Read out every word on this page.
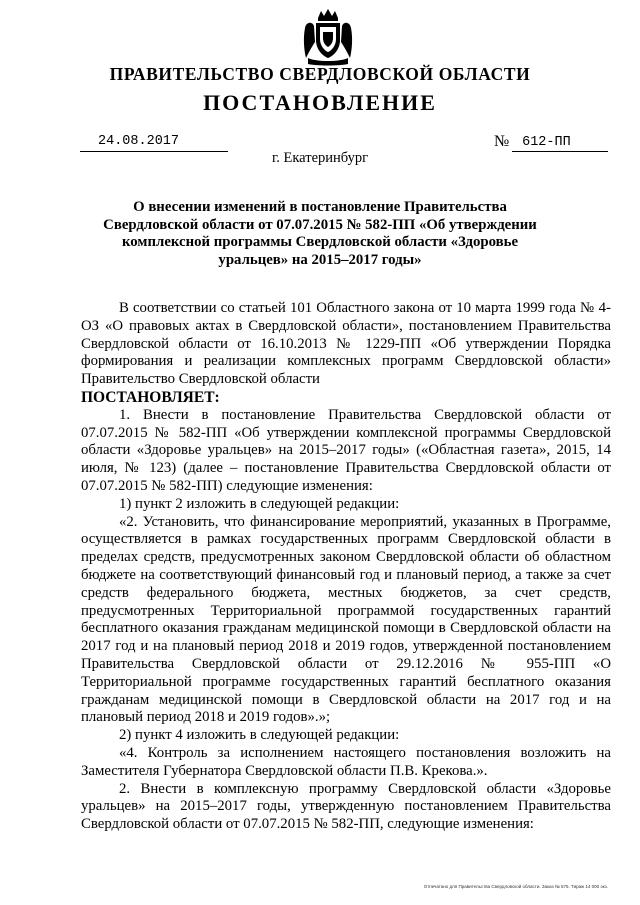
ПРАВИТЕЛЬСТВО СВЕРДЛОВСКОЙ ОБЛАСТИ
ПОСТАНОВЛЕНИЕ
24.08.2017	№ 612-ПП
г. Екатеринбург
О внесении изменений в постановление Правительства Свердловской области от 07.07.2015 № 582-ПП «Об утверждении комплексной программы Свердловской области «Здоровье уральцев» на 2015–2017 годы»

В соответствии со статьей 101 Областного закона от 10 марта 1999 года № 4-ОЗ «О правовых актах в Свердловской области», постановлением Правительства Свердловской области от 16.10.2013 № 1229-ПП «Об утверждении Порядка формирования и реализации комплексных программ Свердловской области» Правительство Свердловской области

ПОСТАНОВЛЯЕТ:

1. Внести в постановление Правительства Свердловской области от 07.07.2015 № 582-ПП «Об утверждении комплексной программы Свердловской области «Здоровье уральцев» на 2015–2017 годы» («Областная газета», 2015, 14 июля, № 123) (далее – постановление Правительства Свердловской области от 07.07.2015 № 582-ПП) следующие изменения:

1) пункт 2 изложить в следующей редакции:

«2. Установить, что финансирование мероприятий, указанных в Программе, осуществляется в рамках государственных программ Свердловской области в пределах средств, предусмотренных законом Свердловской области об областном бюджете на соответствующий финансовый год и плановый период, а также за счет средств федерального бюджета, местных бюджетов, за счет средств, предусмотренных Территориальной программой государственных гарантий бесплатного оказания гражданам медицинской помощи в Свердловской области на 2017 год и на плановый период 2018 и 2019 годов, утвержденной постановлением Правительства Свердловской области от 29.12.2016 № 955-ПП «О Территориальной программе государственных гарантий бесплатного оказания гражданам медицинской помощи в Свердловской области на 2017 год и на плановый период 2018 и 2019 годов».»;

2) пункт 4 изложить в следующей редакции:

«4. Контроль за исполнением настоящего постановления возложить на Заместителя Губернатора Свердловской области П.В. Крекова.».

2. Внести в комплексную программу Свердловской области «Здоровье уральцев» на 2015–2017 годы, утвержденную постановлением Правительства Свердловской области от 07.07.2015 № 582-ПП, следующие изменения:

Отпечатано для Правительства Свердловской области. Заказ № 575. Тираж 14 000 экз.
